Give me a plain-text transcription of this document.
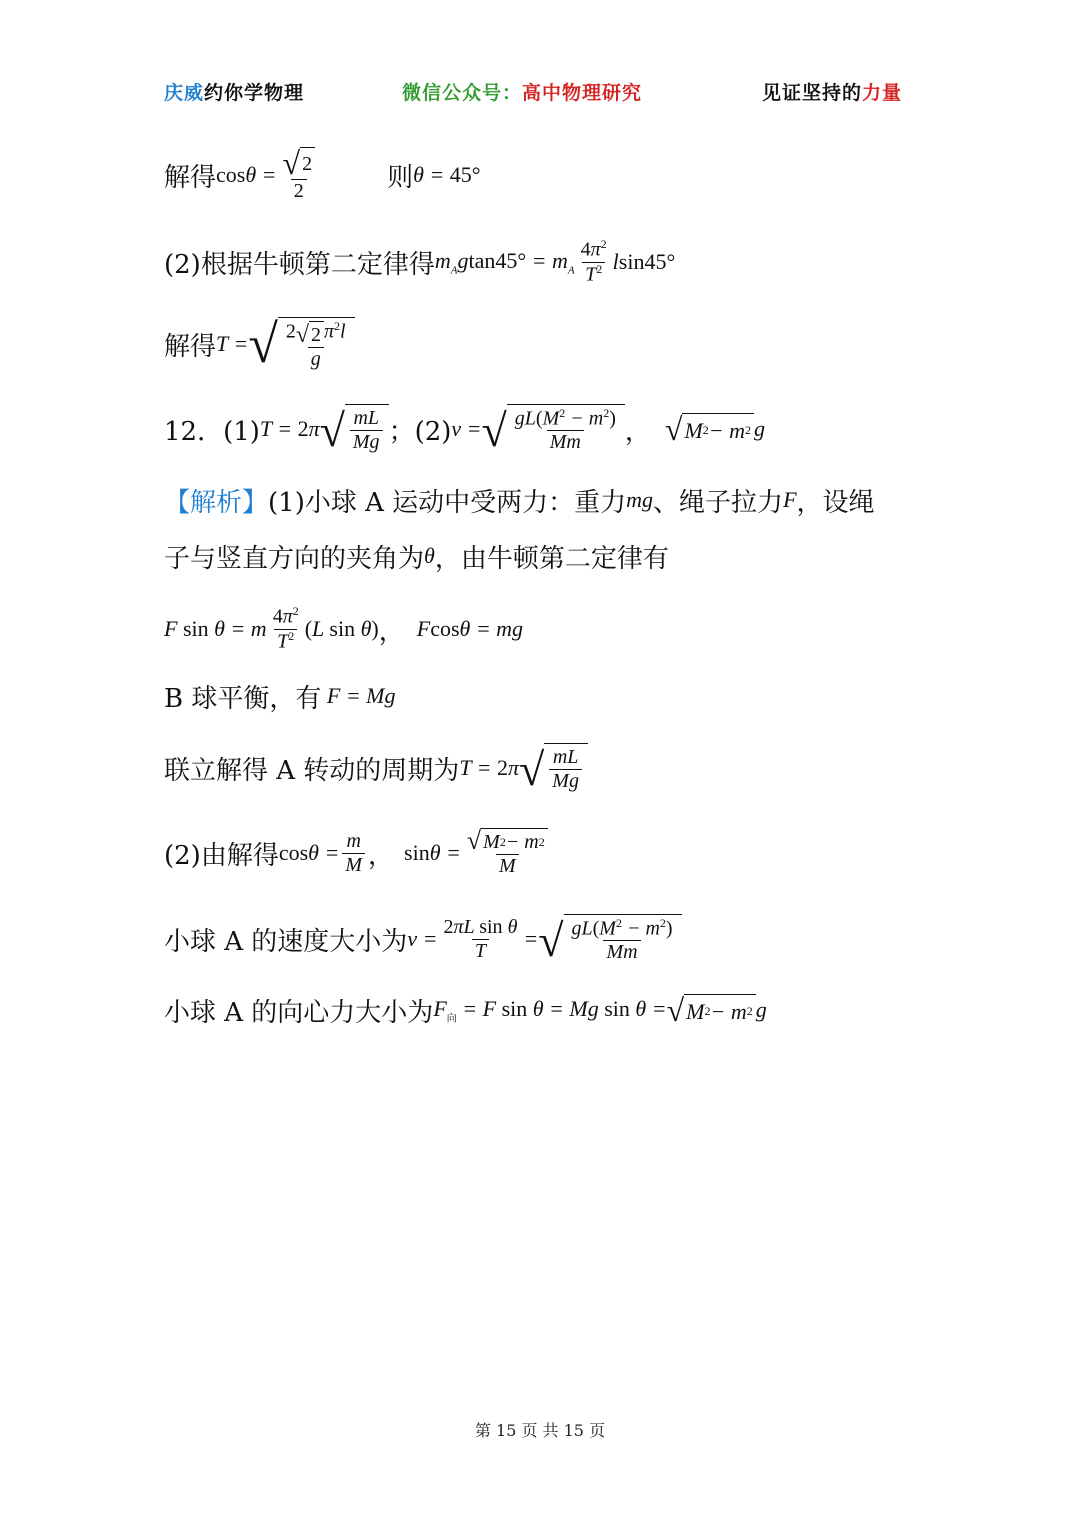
庆威约你学物理	微信公众号：高中物理研究	见证坚持的力量
解得 $\cos\theta = \frac{√ 2}{2}$	则 θ = 45°
(2)根据牛顿第二定律得 $m_Agtan45^\circ = m_A \frac{4\pi^2}{T^2} lsin45^\circ$
解得 T = √ $\frac{2 √ 2 \pi^2l}{g}$
12．(1) T = 2π √ $\frac{mL}{Mg}$ ；(2) v = √ $\frac{gL(M^2 - m^2)}{Mm}$ ， √ M 2 − m 2 g
【解析】 (1)小球 A 运动中受两力：重力 mg 、绳子拉力 F ，设绳
子与竖直方向的夹角为 θ ，由牛顿第二定律有
F sin θ = m $\frac{4\pi^2}{T^2} (L$ sin θ) ， Fcosθ = mg
B 球平衡，有 F = Mg
联立解得 A 转动的周期为 T = 2π √ $\frac{mL}{Mg}$
(2)由解得 $\cos\theta = \frac{m}{M}$ ， $\sin\theta = \frac{√ M 2 - m 2}{M}$
小球 A 的速度大小为 $v = \frac{\text{2πL sin θ}}{T}$ = √ $\frac{gL(M^2 - m^2)}{Mm}$
小球 A 的向心力大小为 $F_向 = F$ sin θ = Mg sin θ = √ M 2 − m 2 g
第 15 页 共 15 页
